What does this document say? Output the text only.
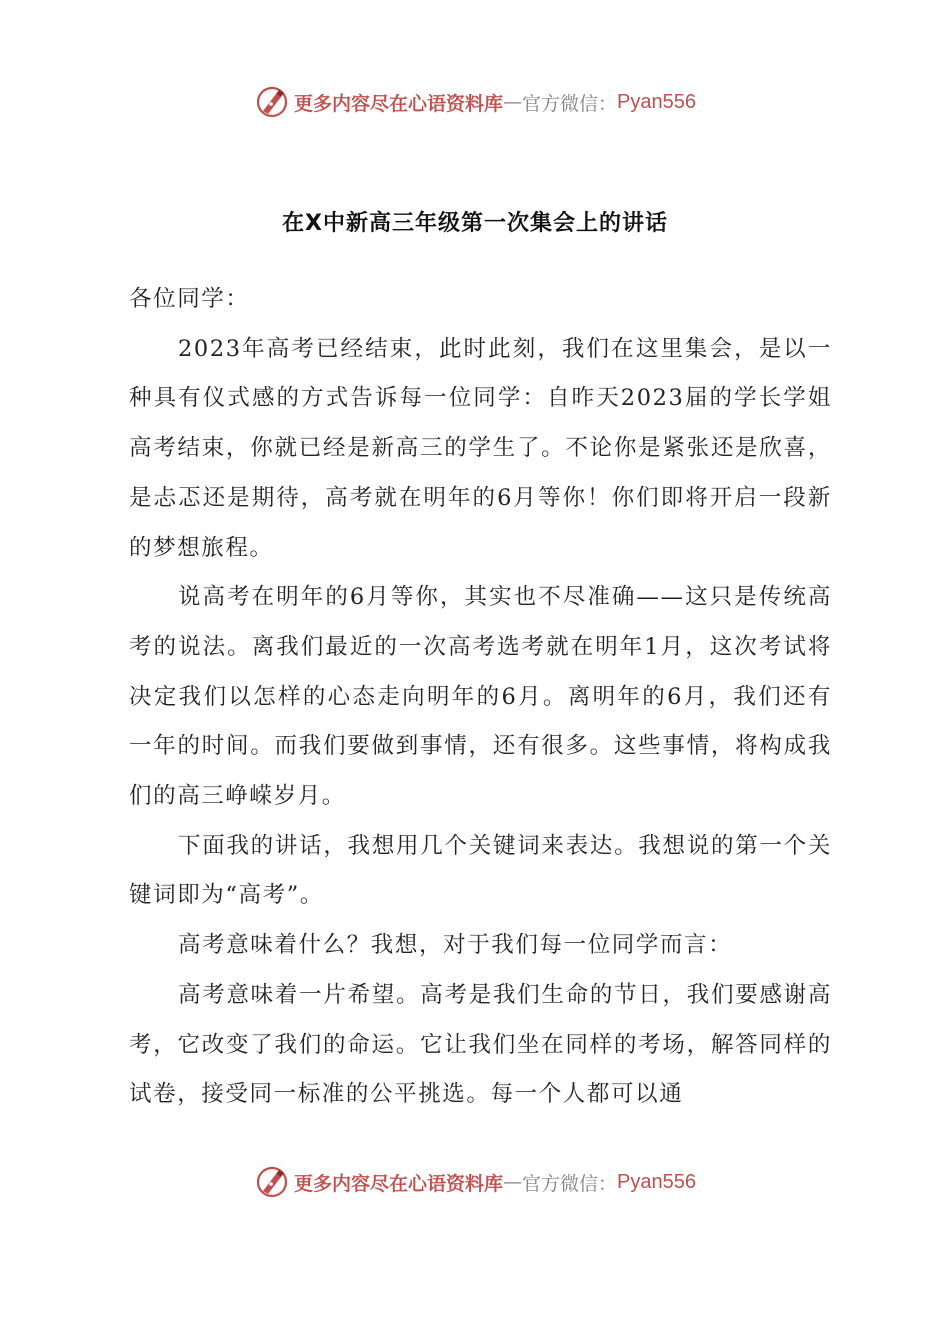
更多内容尽在心语资料库 — 官方微信： Pyan556
在X中新高三年级第一次集会上的讲话

各位同学：

2023年高考已经结束，此时此刻，我们在这里集会，是以一种具有仪式感的方式告诉每一位同学：自昨天2023届的学长学姐高考结束，你就已经是新高三的学生了。不论你是紧张还是欣喜，是忐忑还是期待，高考就在明年的6月等你！你们即将开启一段新的梦想旅程。

说高考在明年的6月等你，其实也不尽准确——这只是传统高考的说法。离我们最近的一次高考选考就在明年1月，这次考试将决定我们以怎样的心态走向明年的6月。离明年的6月，我们还有一年的时间。而我们要做到事情，还有很多。这些事情，将构成我们的高三峥嵘岁月。

下面我的讲话，我想用几个关键词来表达。我想说的第一个关键词即为“高考”。

高考意味着什么？我想，对于我们每一位同学而言：

高考意味着一片希望。高考是我们生命的节日，我们要感谢高考，它改变了我们的命运。它让我们坐在同样的考场，解答同样的试卷，接受同一标准的公平挑选。每一个人都可以通

更多内容尽在心语资料库 — 官方微信： Pyan556
